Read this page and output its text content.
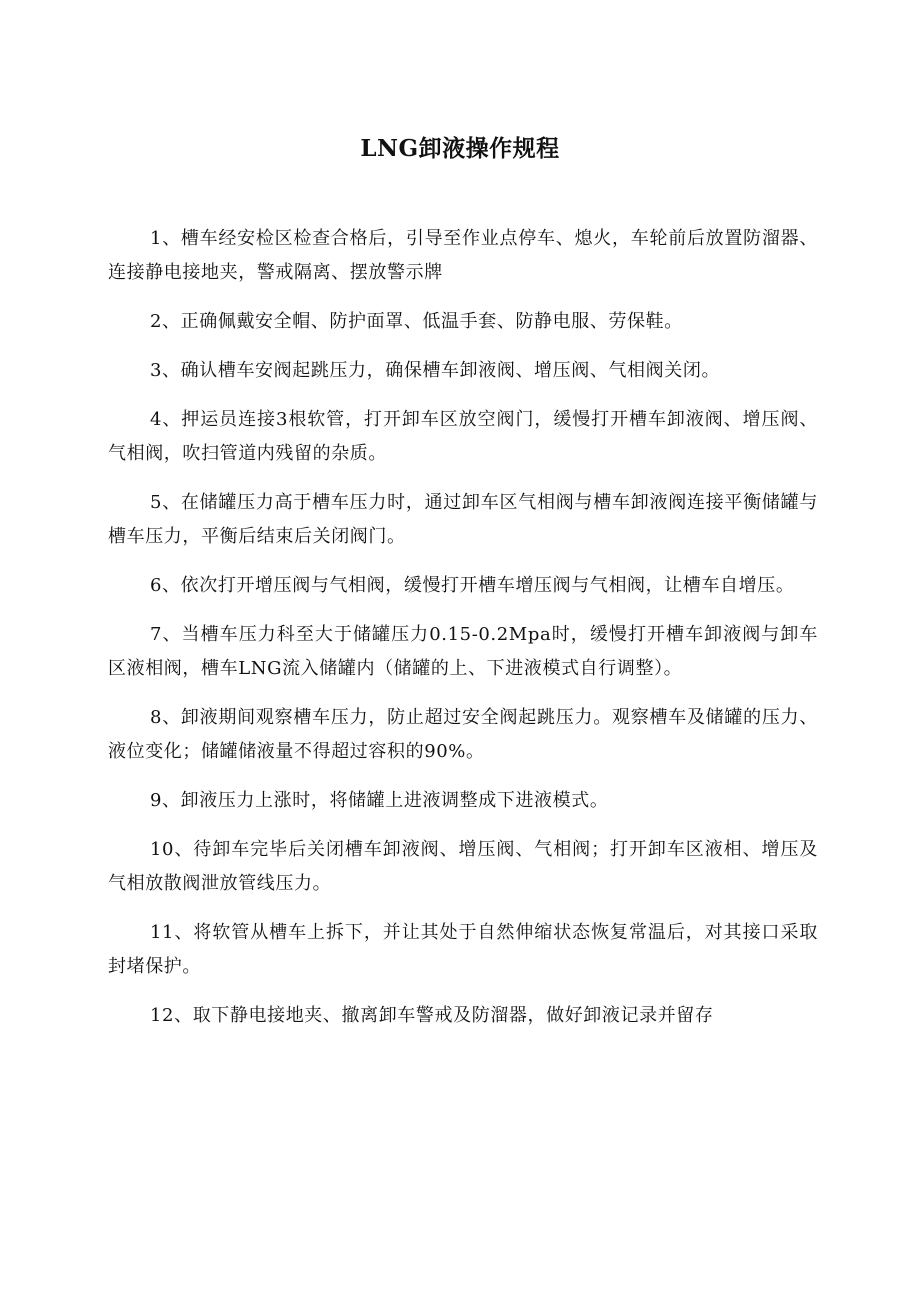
LNG卸液操作规程

1、槽车经安检区检查合格后，引导至作业点停车、熄火，车轮前后放置防溜器、连接静电接地夹，警戒隔离、摆放警示牌

2、正确佩戴安全帽、防护面罩、低温手套、防静电服、劳保鞋。

3、确认槽车安阀起跳压力，确保槽车卸液阀、增压阀、气相阀关闭。

4、押运员连接3根软管，打开卸车区放空阀门，缓慢打开槽车卸液阀、增压阀、气相阀，吹扫管道内残留的杂质。

5、在储罐压力高于槽车压力时，通过卸车区气相阀与槽车卸液阀连接平衡储罐与槽车压力，平衡后结束后关闭阀门。

6、依次打开增压阀与气相阀，缓慢打开槽车增压阀与气相阀，让槽车自增压。

7、当槽车压力科至大于储罐压力0.15-0.2Mpa时，缓慢打开槽车卸液阀与卸车区液相阀，槽车LNG流入储罐内（储罐的上、下进液模式自行调整）。

8、卸液期间观察槽车压力，防止超过安全阀起跳压力。观察槽车及储罐的压力、液位变化；储罐储液量不得超过容积的90%。

9、卸液压力上涨时，将储罐上进液调整成下进液模式。

10、待卸车完毕后关闭槽车卸液阀、增压阀、气相阀；打开卸车区液相、增压及气相放散阀泄放管线压力。

11、将软管从槽车上拆下，并让其处于自然伸缩状态恢复常温后，对其接口采取封堵保护。

12、取下静电接地夹、撤离卸车警戒及防溜器，做好卸液记录并留存
